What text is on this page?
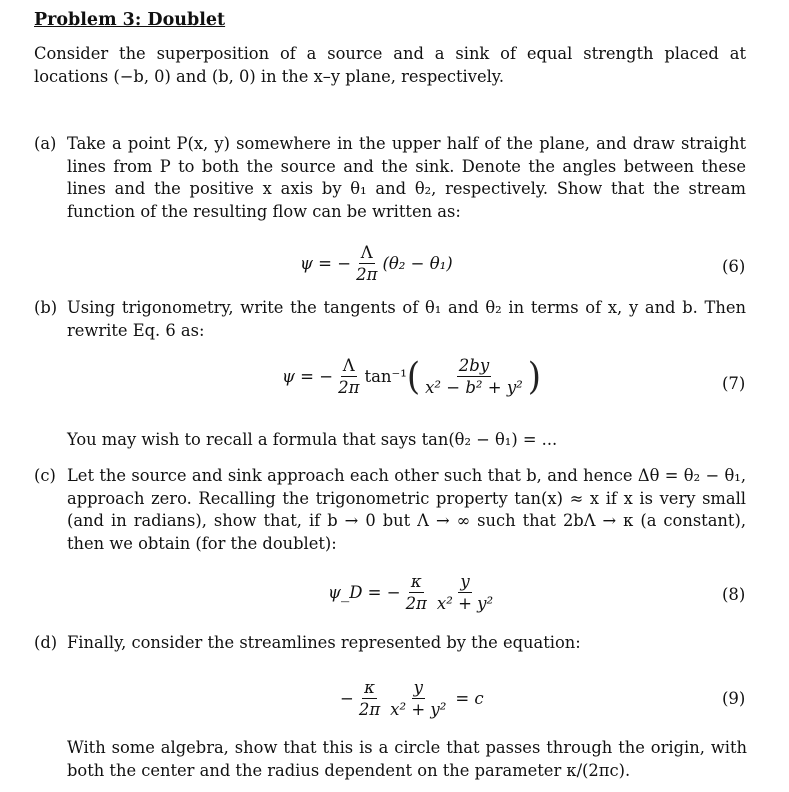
Problem 3: Doublet
Consider the superposition of a source and a sink of equal strength placed at locations (−b, 0) and (b, 0) in the x–y plane, respectively.
(a) Take a point P(x, y) somewhere in the upper half of the plane, and draw straight lines from P to both the source and the sink. Denote the angles between these lines and the positive x axis by θ₁ and θ₂, respectively. Show that the stream function of the resulting flow can be written as:
ψ = − $\frac{\Lambda}{2\pi} (\theta_2 - \theta_1)$	(6)
(b) Using trigonometry, write the tangents of θ₁ and θ₂ in terms of x, y and b. Then rewrite Eq. 6 as:
ψ = − $\frac{\Lambda}{2\pi} \tan^{-1}$ ( $\frac{2by}{\text{x² − b² + y²}}$ )	(7)
You may wish to recall a formula that says tan(θ₂ − θ₁) = ...
(c) Let the source and sink approach each other such that b, and hence Δθ = θ₂ − θ₁, approach zero. Recalling the trigonometric property tan(x) ≈ x if x is very small (and in radians), show that, if b → 0 but Λ → ∞ such that 2bΛ → κ (a constant), then we obtain (for the doublet):
ψ_D = − $\frac{\kappa}{2\pi} \frac{y}{\text{x² + y²}}$	(8)
(d) Finally, consider the streamlines represented by the equation:
− $\frac{\kappa}{2\pi} \frac{y}{\text{x² + y²}} = c$	(9)
With some algebra, show that this is a circle that passes through the origin, with both the center and the radius dependent on the parameter κ/(2πc).
